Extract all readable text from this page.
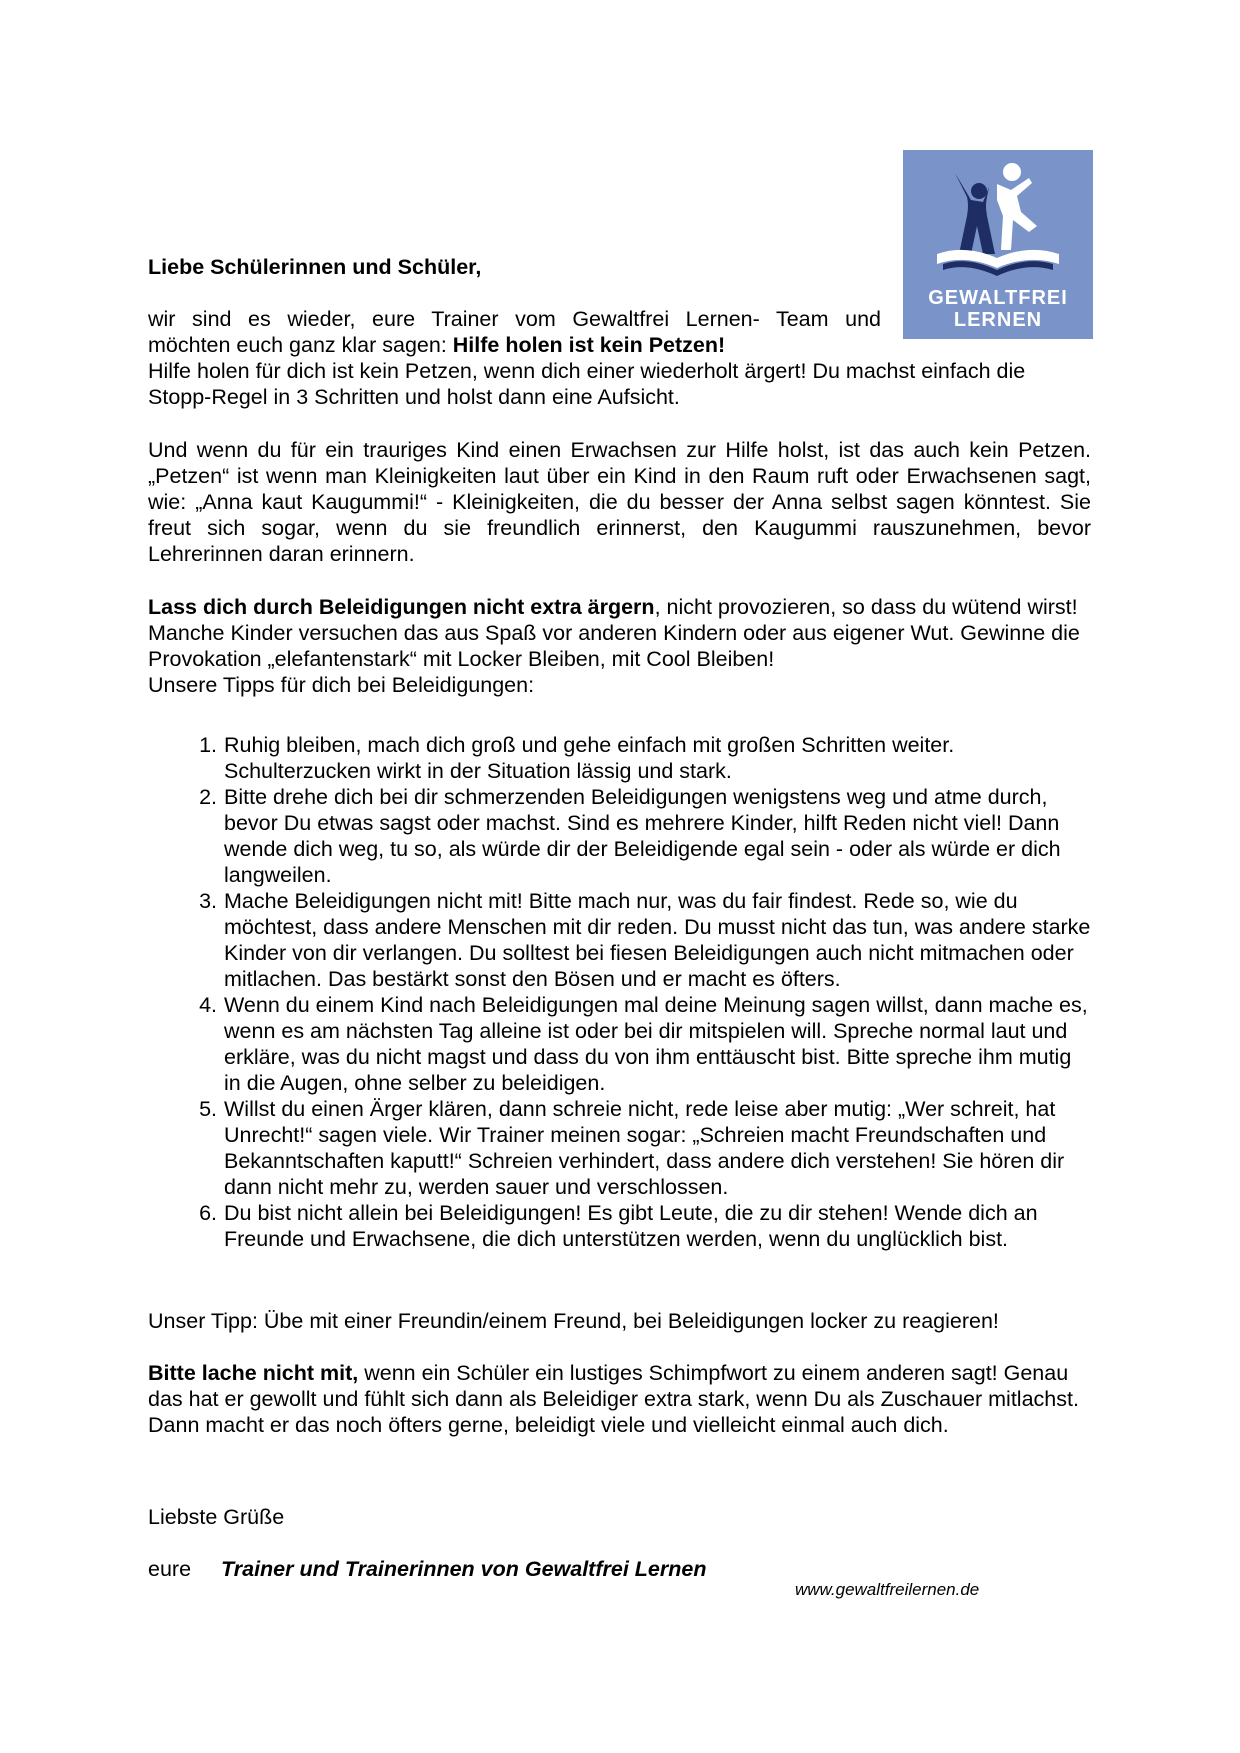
GEWALTFREI
LERNEN

Liebe Schülerinnen und Schüler,

wir sind es wieder, eure Trainer vom Gewaltfrei Lernen- Team und

möchten euch ganz klar sagen: Hilfe holen ist kein Petzen!

Hilfe holen für dich ist kein Petzen, wenn dich einer wiederholt ärgert! Du machst einfach die Stopp-Regel in 3 Schritten und holst dann eine Aufsicht.

Und wenn du für ein trauriges Kind einen Erwachsen zur Hilfe holst, ist das auch kein Petzen. „Petzen“ ist wenn man Kleinigkeiten laut über ein Kind in den Raum ruft oder Erwachsenen sagt, wie: „Anna kaut Kaugummi!“ - Kleinigkeiten, die du besser der Anna selbst sagen könntest. Sie freut sich sogar, wenn du sie freundlich erinnerst, den Kaugummi rauszunehmen, bevor Lehrerinnen daran erinnern.

Lass dich durch Beleidigungen nicht extra ärgern, nicht provozieren, so dass du wütend wirst! Manche Kinder versuchen das aus Spaß vor anderen Kindern oder aus eigener Wut. Gewinne die Provokation „elefantenstark“ mit Locker Bleiben, mit Cool Bleiben!

Unsere Tipps für dich bei Beleidigungen:

1. Ruhig bleiben, mach dich groß und gehe einfach mit großen Schritten weiter. Schulterzucken wirkt in der Situation lässig und stark.
2. Bitte drehe dich bei dir schmerzenden Beleidigungen wenigstens weg und atme durch, bevor Du etwas sagst oder machst. Sind es mehrere Kinder, hilft Reden nicht viel! Dann wende dich weg, tu so, als würde dir der Beleidigende egal sein - oder als würde er dich langweilen.
3. Mache Beleidigungen nicht mit! Bitte mach nur, was du fair findest. Rede so, wie du möchtest, dass andere Menschen mit dir reden. Du musst nicht das tun, was andere starke Kinder von dir verlangen. Du solltest bei fiesen Beleidigungen auch nicht mitmachen oder mitlachen. Das bestärkt sonst den Bösen und er macht es öfters.
4. Wenn du einem Kind nach Beleidigungen mal deine Meinung sagen willst, dann mache es, wenn es am nächsten Tag alleine ist oder bei dir mitspielen will. Spreche normal laut und erkläre, was du nicht magst und dass du von ihm enttäuscht bist. Bitte spreche ihm mutig in die Augen, ohne selber zu beleidigen.
5. Willst du einen Ärger klären, dann schreie nicht, rede leise aber mutig: „Wer schreit, hat Unrecht!“ sagen viele. Wir Trainer meinen sogar: „Schreien macht Freundschaften und Bekanntschaften kaputt!“ Schreien verhindert, dass andere dich verstehen! Sie hören dir dann nicht mehr zu, werden sauer und verschlossen.
6. Du bist nicht allein bei Beleidigungen! Es gibt Leute, die zu dir stehen! Wende dich an Freunde und Erwachsene, die dich unterstützen werden, wenn du unglücklich bist.

Unser Tipp: Übe mit einer Freundin/einem Freund, bei Beleidigungen locker zu reagieren!

Bitte lache nicht mit, wenn ein Schüler ein lustiges Schimpfwort zu einem anderen sagt! Genau das hat er gewollt und fühlt sich dann als Beleidiger extra stark, wenn Du als Zuschauer mitlachst. Dann macht er das noch öfters gerne, beleidigt viele und vielleicht einmal auch dich.

Liebste Grüße

eure Trainer und Trainerinnen von Gewaltfrei Lernen
www.gewaltfreilernen.de
